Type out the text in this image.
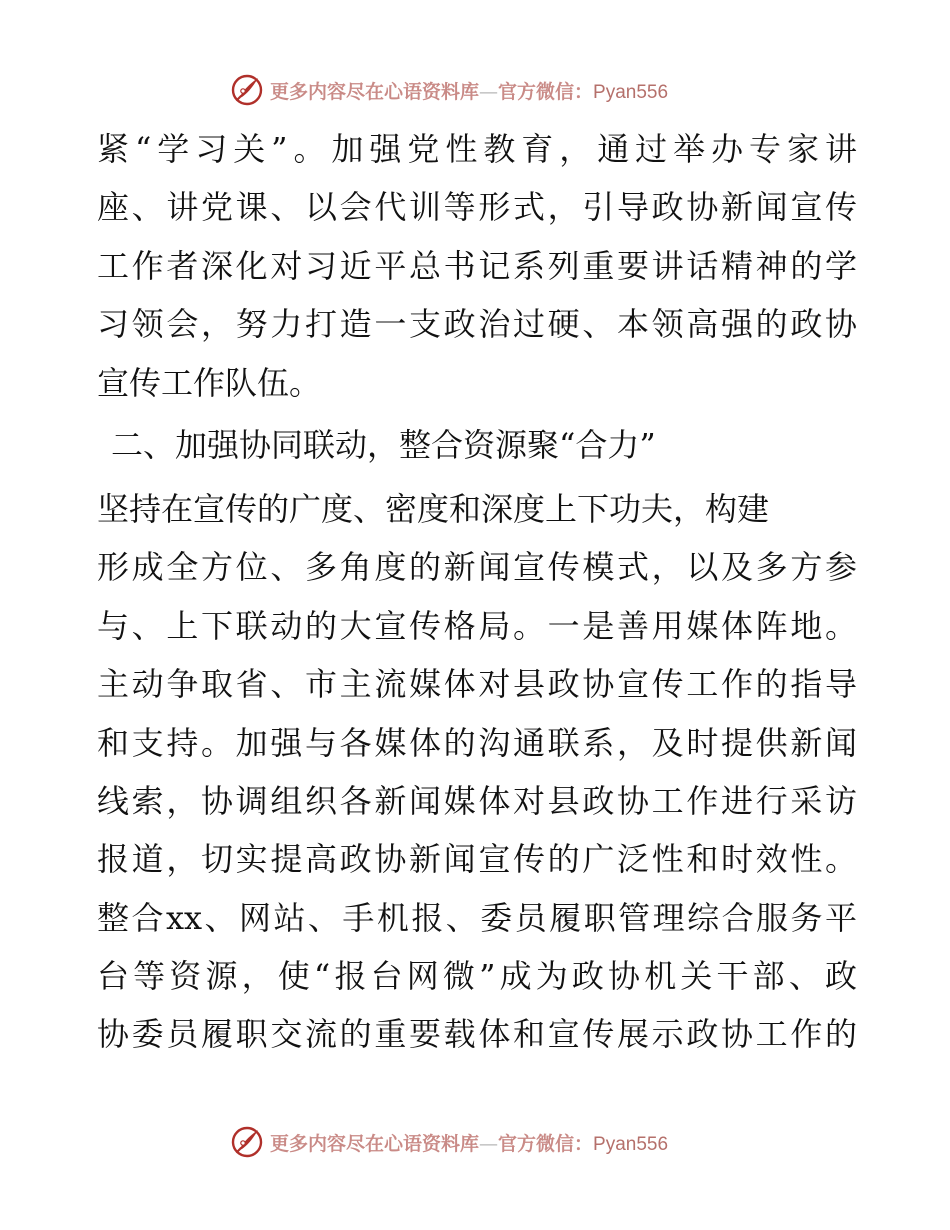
更多内容尽在心语资料库—官方微信：Pyan556
紧“学习关”。加强党性教育，通过举办专家讲
座、讲党课、以会代训等形式，引导政协新闻宣传
工作者深化对习近平总书记系列重要讲话精神的学
习领会，努力打造一支政治过硬、本领高强的政协
宣传工作队伍。
二、加强协同联动，整合资源聚“合力”
坚持在宣传的广度、密度和深度上下功夫，构建
形成全方位、多角度的新闻宣传模式，以及多方参
与、上下联动的大宣传格局。一是善用媒体阵地。
主动争取省、市主流媒体对县政协宣传工作的指导
和支持。加强与各媒体的沟通联系，及时提供新闻
线索，协调组织各新闻媒体对县政协工作进行采访
报道，切实提高政协新闻宣传的广泛性和时效性。
整合xx、网站、手机报、委员履职管理综合服务平
台等资源，使“报台网微”成为政协机关干部、政
协委员履职交流的重要载体和宣传展示政协工作的
更多内容尽在心语资料库—官方微信：Pyan556
